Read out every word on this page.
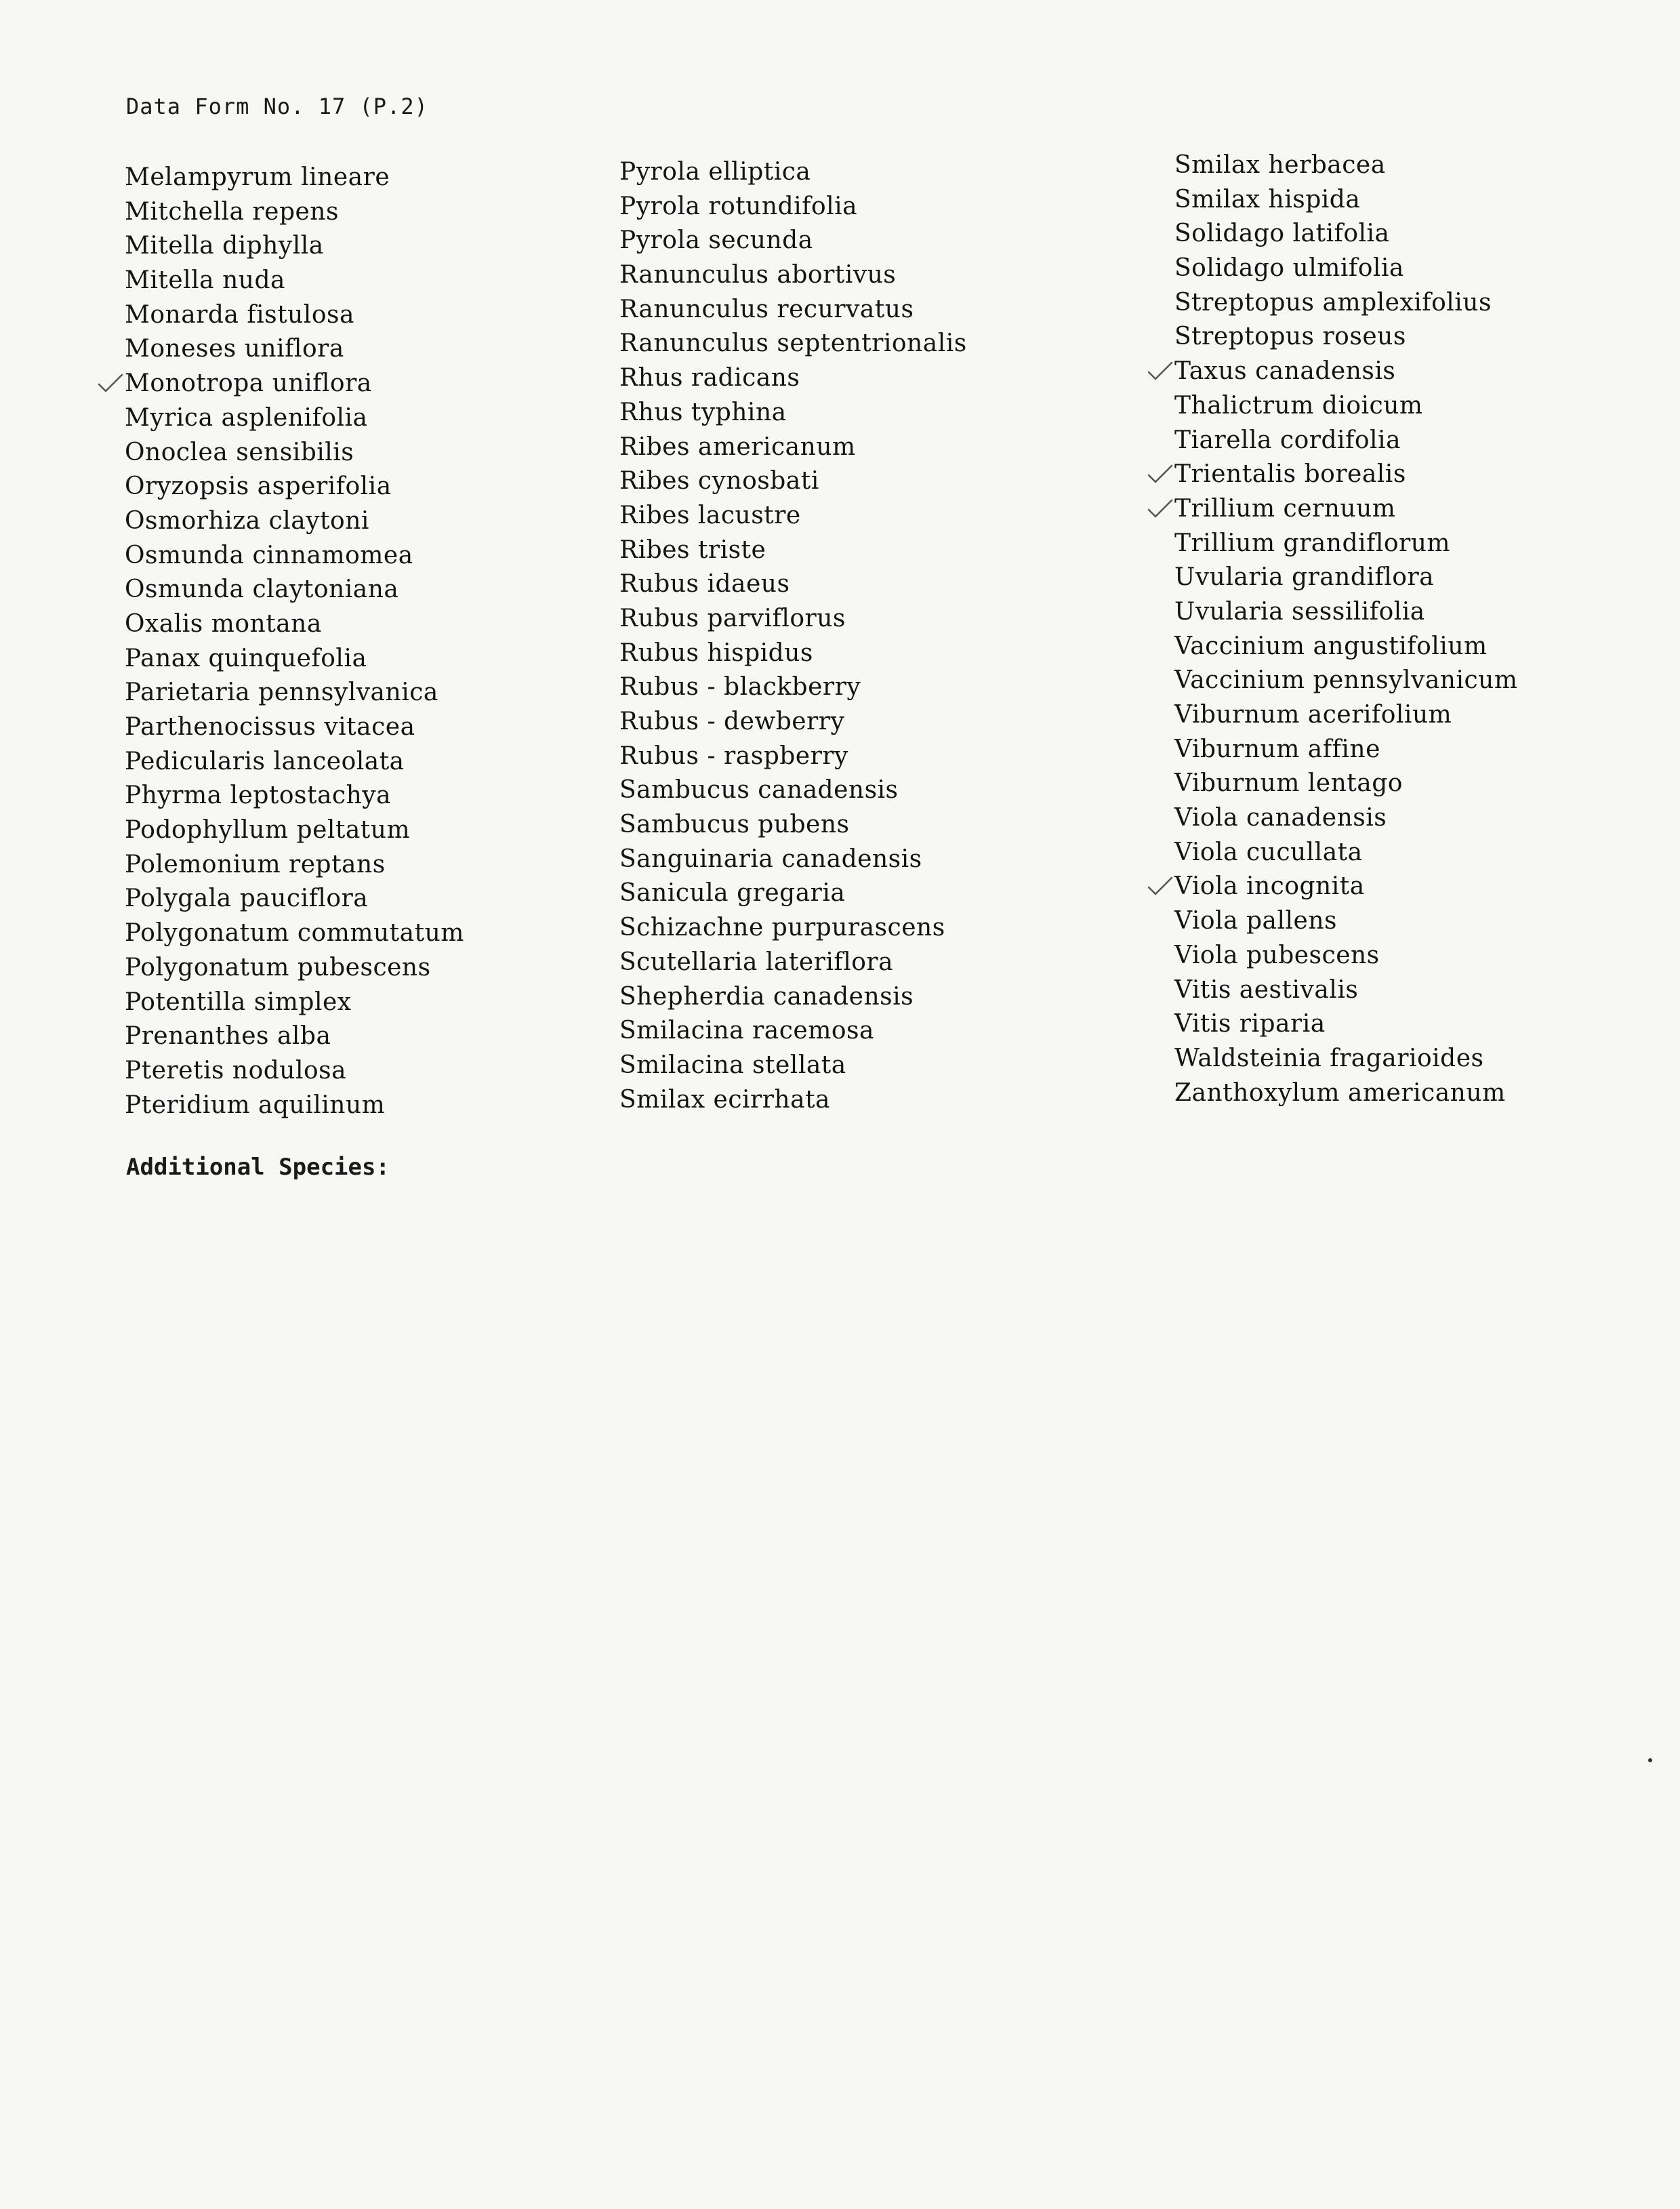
Data Form No. 17 (P.2)
Melampyrum lineare
Mitchella repens
Mitella diphylla
Mitella nuda
Monarda fistulosa
Moneses uniflora
Monotropa uniflora
Myrica asplenifolia
Onoclea sensibilis
Oryzopsis asperifolia
Osmorhiza claytoni
Osmunda cinnamomea
Osmunda claytoniana
Oxalis montana
Panax quinquefolia
Parietaria pennsylvanica
Parthenocissus vitacea
Pedicularis lanceolata
Phyrma leptostachya
Podophyllum peltatum
Polemonium reptans
Polygala pauciflora
Polygonatum commutatum
Polygonatum pubescens
Potentilla simplex
Prenanthes alba
Pteretis nodulosa
Pteridium aquilinum
Pyrola elliptica
Pyrola rotundifolia
Pyrola secunda
Ranunculus abortivus
Ranunculus recurvatus
Ranunculus septentrionalis
Rhus radicans
Rhus typhina
Ribes americanum
Ribes cynosbati
Ribes lacustre
Ribes triste
Rubus idaeus
Rubus parviflorus
Rubus hispidus
Rubus - blackberry
Rubus - dewberry
Rubus - raspberry
Sambucus canadensis
Sambucus pubens
Sanguinaria canadensis
Sanicula gregaria
Schizachne purpurascens
Scutellaria lateriflora
Shepherdia canadensis
Smilacina racemosa
Smilacina stellata
Smilax ecirrhata
Smilax herbacea
Smilax hispida
Solidago latifolia
Solidago ulmifolia
Streptopus amplexifolius
Streptopus roseus
Taxus canadensis
Thalictrum dioicum
Tiarella cordifolia
Trientalis borealis
Trillium cernuum
Trillium grandiflorum
Uvularia grandiflora
Uvularia sessilifolia
Vaccinium angustifolium
Vaccinium pennsylvanicum
Viburnum acerifolium
Viburnum affine
Viburnum lentago
Viola canadensis
Viola cucullata
Viola incognita
Viola pallens
Viola pubescens
Vitis aestivalis
Vitis riparia
Waldsteinia fragarioides
Zanthoxylum americanum
Additional Species:
